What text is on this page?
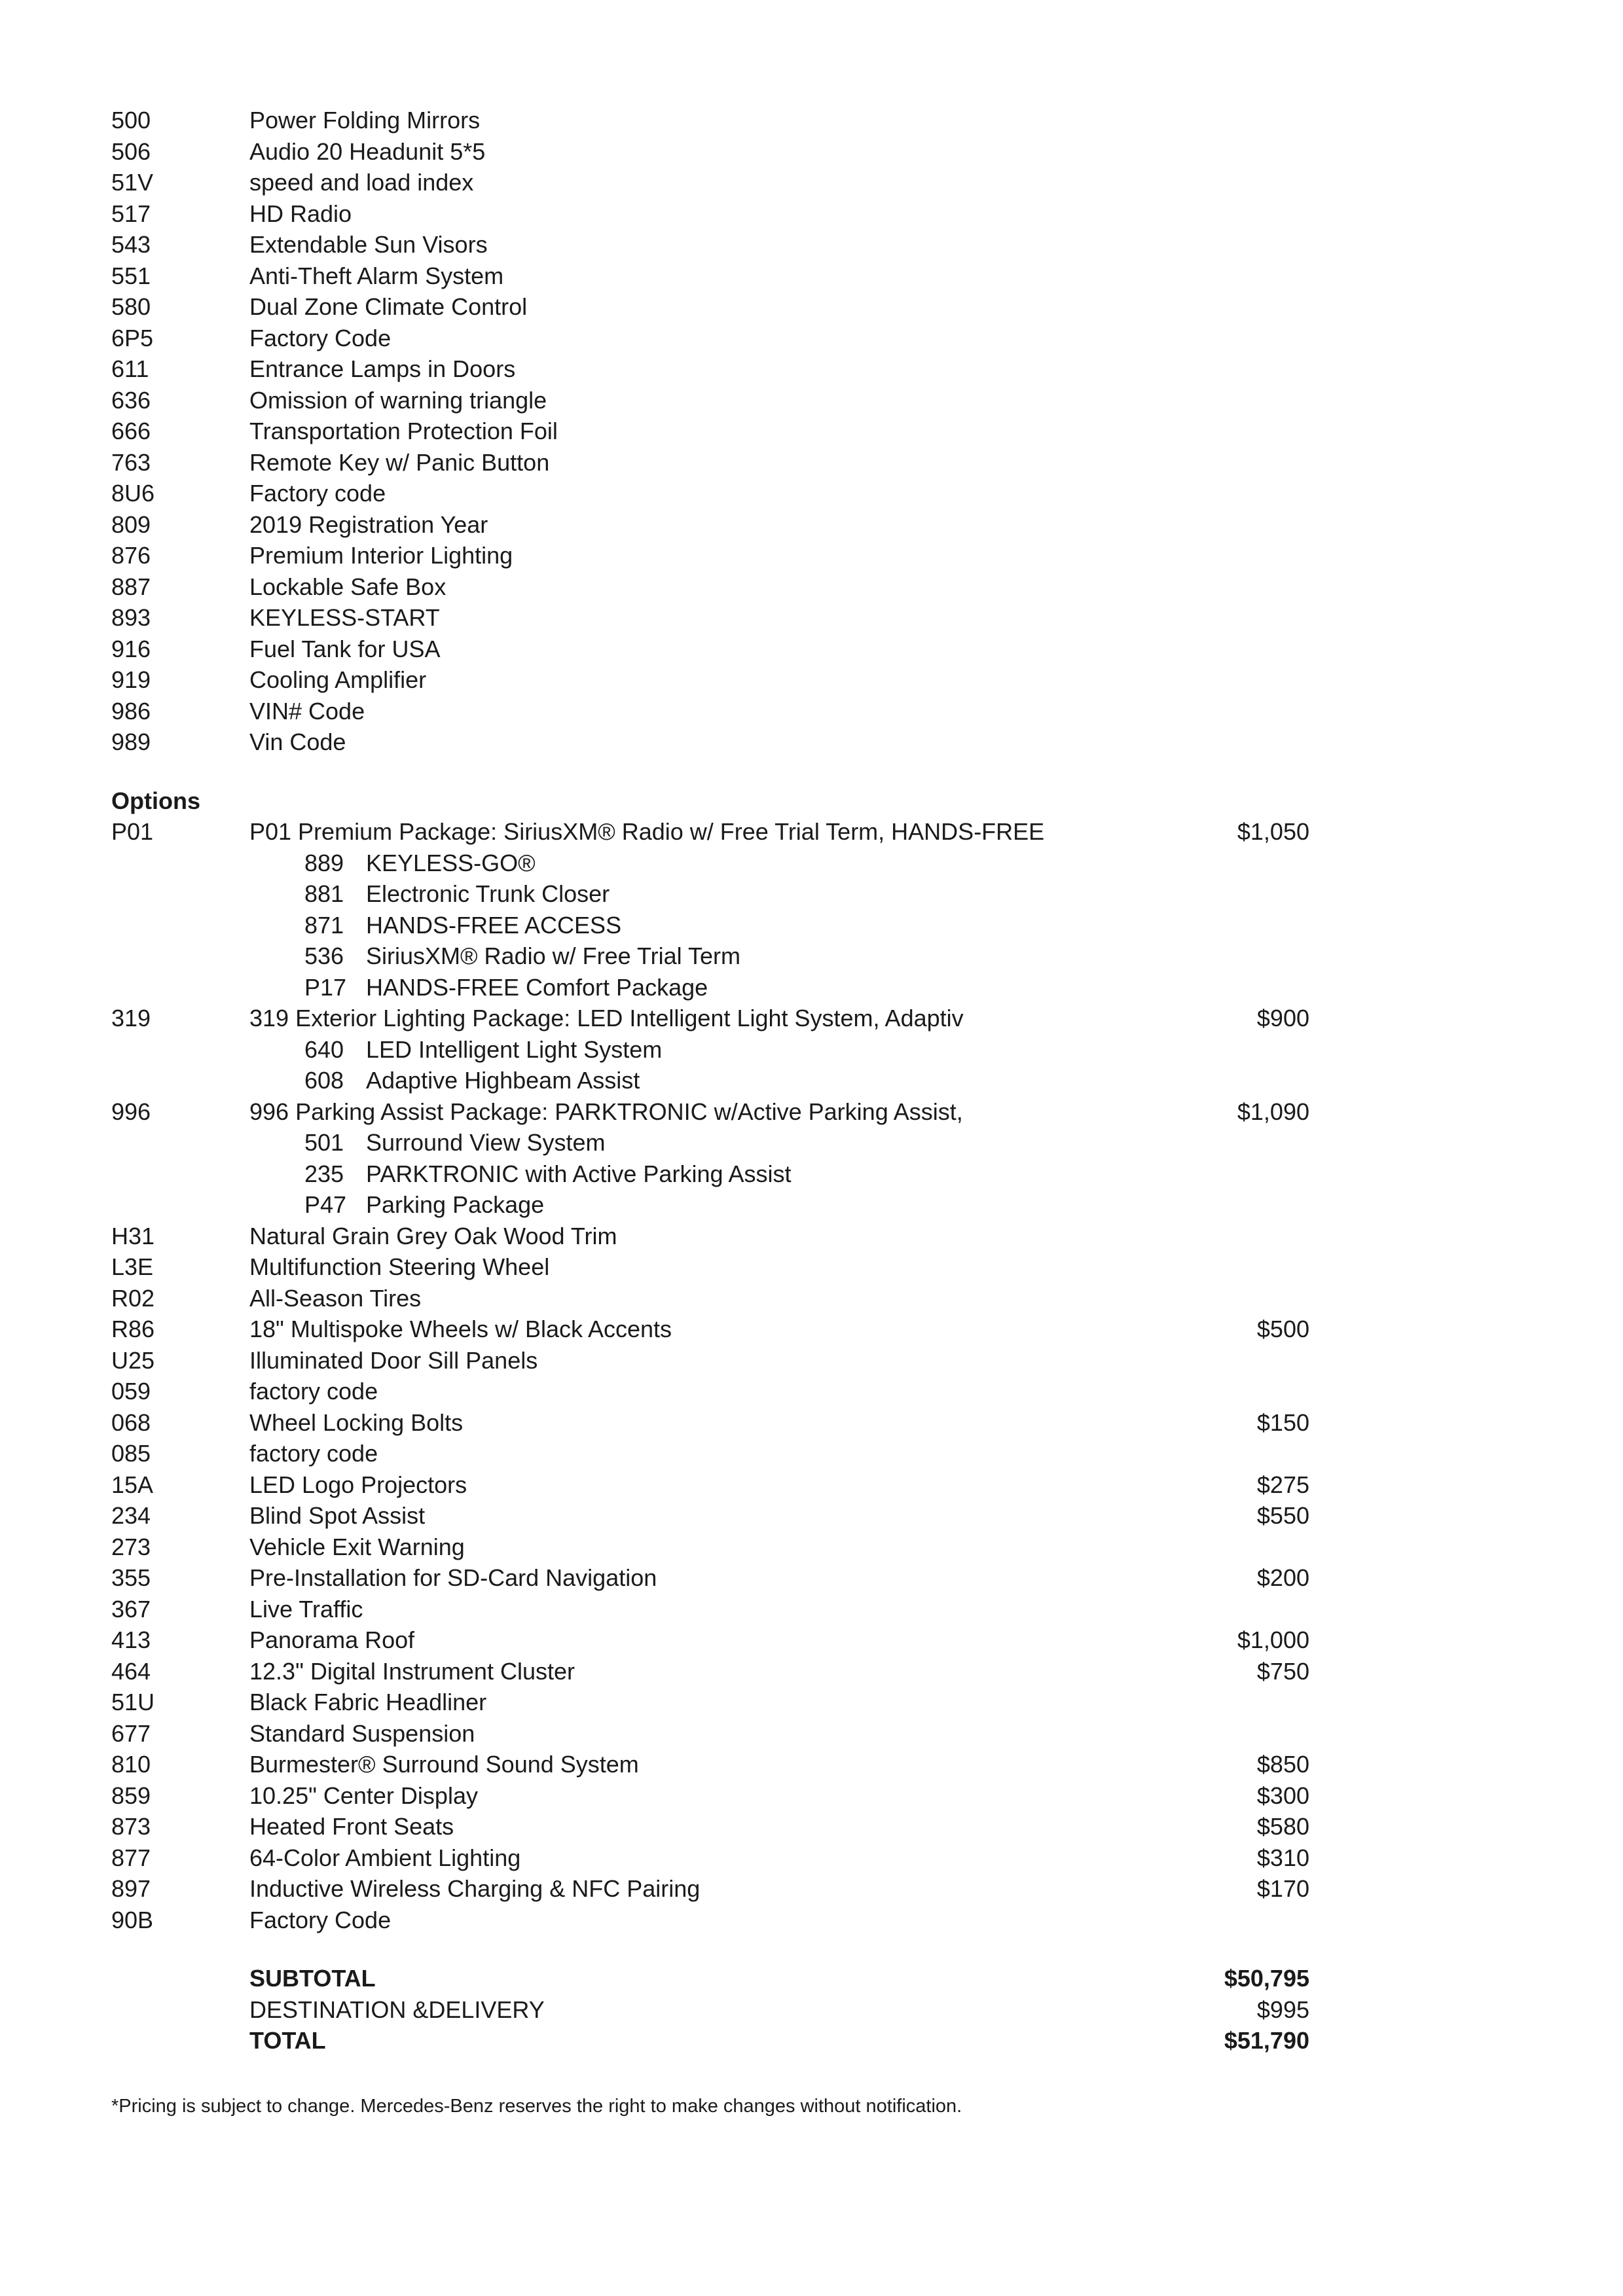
500	Power Folding Mirrors
506	Audio 20 Headunit 5*5
51V	speed and load index
517	HD Radio
543	Extendable Sun Visors
551	Anti-Theft Alarm System
580	Dual Zone Climate Control
6P5	Factory Code
611	Entrance Lamps in Doors
636	Omission of warning triangle
666	Transportation Protection Foil
763	Remote Key w/ Panic Button
8U6	Factory code
809	2019 Registration Year
876	Premium Interior Lighting
887	Lockable Safe Box
893	KEYLESS-START
916	Fuel Tank for USA
919	Cooling Amplifier
986	VIN# Code
989	Vin Code
Options
P01	P01 Premium Package: SiriusXM® Radio w/ Free Trial Term, HANDS-FREE	$1,050
889 KEYLESS-GO®
881 Electronic Trunk Closer
871 HANDS-FREE ACCESS
536 SiriusXM® Radio w/ Free Trial Term
P17 HANDS-FREE Comfort Package
319	319 Exterior Lighting Package: LED Intelligent Light System, Adaptiv	$900
640 LED Intelligent Light System
608 Adaptive Highbeam Assist
996	996 Parking Assist Package: PARKTRONIC w/Active Parking Assist,	$1,090
501 Surround View System
235 PARKTRONIC with Active Parking Assist
P47 Parking Package
H31	Natural Grain Grey Oak Wood Trim
L3E	Multifunction Steering Wheel
R02	All-Season Tires
R86	18" Multispoke Wheels w/ Black Accents	$500
U25	Illuminated Door Sill Panels
059	factory code
068	Wheel Locking Bolts	$150
085	factory code
15A	LED Logo Projectors	$275
234	Blind Spot Assist	$550
273	Vehicle Exit Warning
355	Pre-Installation for SD-Card Navigation	$200
367	Live Traffic
413	Panorama Roof	$1,000
464	12.3" Digital Instrument Cluster	$750
51U	Black Fabric Headliner
677	Standard Suspension
810	Burmester® Surround Sound System	$850
859	10.25" Center Display	$300
873	Heated Front Seats	$580
877	64-Color Ambient Lighting	$310
897	Inductive Wireless Charging & NFC Pairing	$170
90B	Factory Code
SUBTOTAL	$50,795
DESTINATION &DELIVERY	$995
TOTAL	$51,790
*Pricing is subject to change. Mercedes-Benz reserves the right to make changes without notification.
